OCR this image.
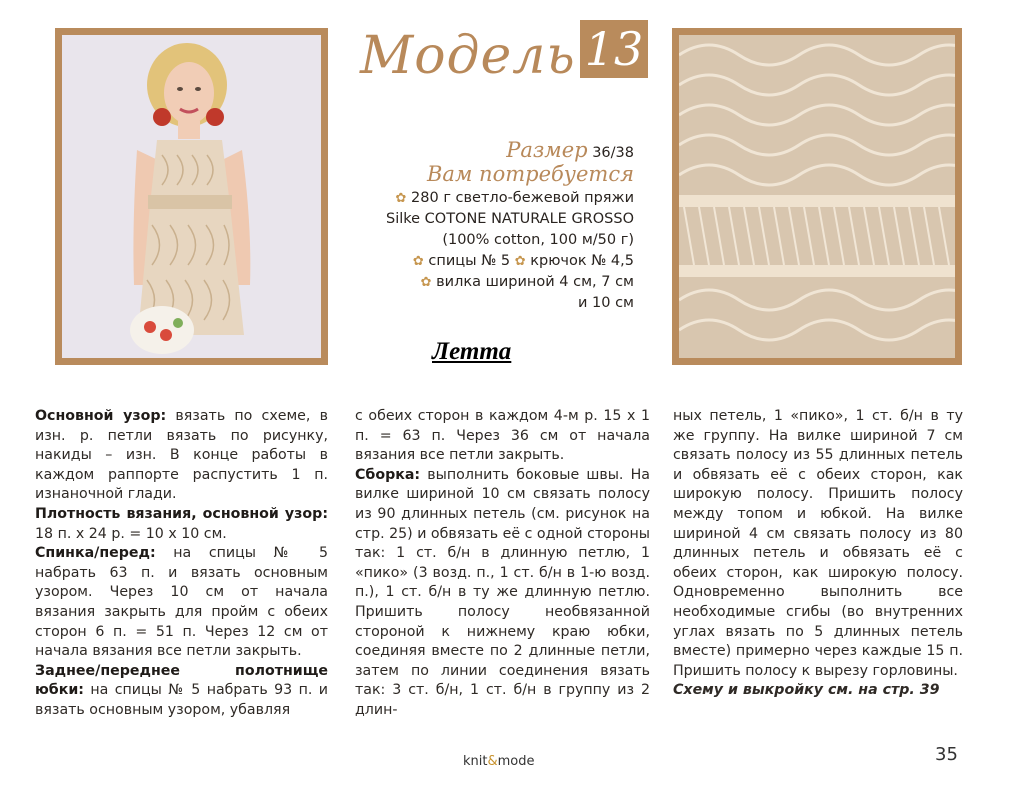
Модель 13
Размер 36/38
Вам потребуется
✿ 280 г светло-бежевой пряжи
Silke COTONE NATURALE GROSSO
(100% cotton, 100 м/50 г)
✿ спицы № 5 ✿ крючок № 4,5
✿ вилка шириной 4 см, 7 см
и 10 см
Летта
Основной узор: вязать по схеме, в изн. р. петли вязать по рисунку, накиды – изн. В конце работы в каждом раппорте распустить 1 п. изнаночной глади.
Плотность вязания, основной узор: 18 п. х 24 р. = 10 х 10 см.
Спинка/перед: на спицы № 5 набрать 63 п. и вязать основным узором. Через 10 см от начала вязания закрыть для пройм с обеих сторон 6 п. = 51 п. Через 12 см от начала вязания все петли закрыть.
Заднее/переднее полотнище юбки: на спицы № 5 набрать 93 п. и вязать основным узором, убавляя
с обеих сторон в каждом 4-м р. 15 х 1 п. = 63 п. Через 36 см от начала вязания все петли закрыть.
Сборка: выполнить боковые швы. На вилке шириной 10 см связать полосу из 90 длинных петель (см. рисунок на стр. 25) и обвязать её с одной стороны так: 1 ст. б/н в длинную петлю, 1 «пико» (3 возд. п., 1 ст. б/н в 1-ю возд. п.), 1 ст. б/н в ту же длинную петлю. Пришить полосу необвязанной стороной к нижнему краю юбки, соединяя вместе по 2 длинные петли, затем по линии соединения вязать так: 3 ст. б/н, 1 ст. б/н в группу из 2 длин-
ных петель, 1 «пико», 1 ст. б/н в ту же группу. На вилке шириной 7 см связать полосу из 55 длинных петель и обвязать её с обеих сторон, как широкую полосу. Пришить полосу между топом и юбкой. На вилке шириной 4 см связать полосу из 80 длинных петель и обвязать её с обеих сторон, как широкую полосу. Одновременно выполнить все необходимые сгибы (во внутренних углах вязать по 5 длинных петель вместе) примерно через каждые 15 п. Пришить полосу к вырезу горловины.
Схему и выкройку см. на стр. 39
knit&mode	35
